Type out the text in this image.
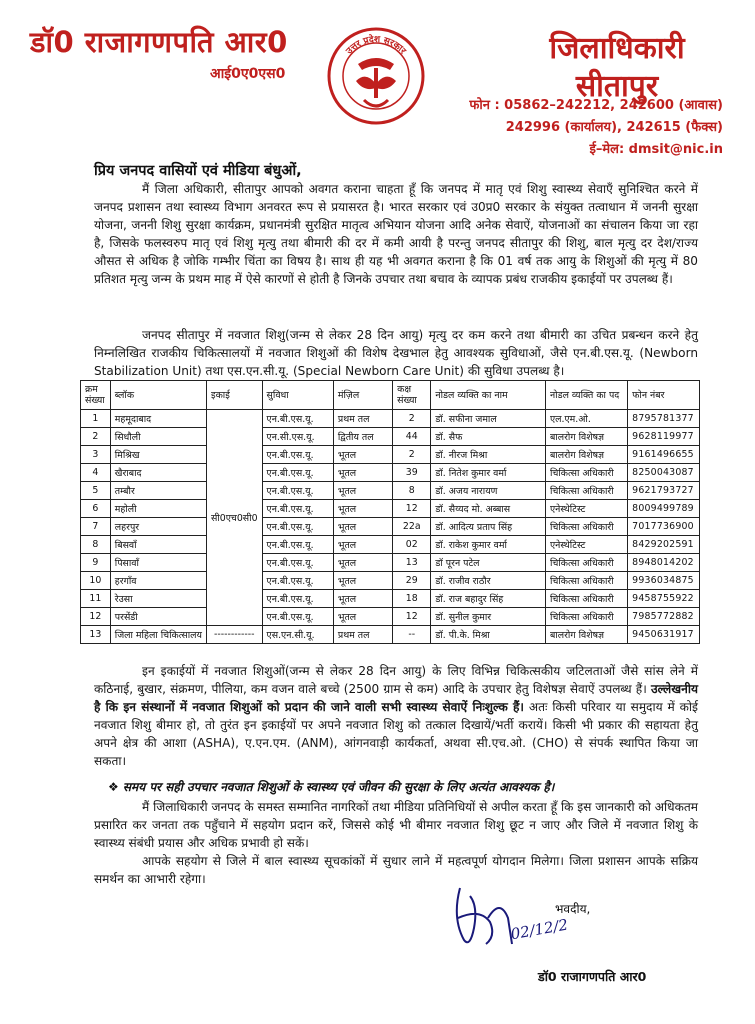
डॉ0 राजागणपति आर0
आई0ए0एस0
उत्तर प्रदेश सरकार	जिलाधिकारी
सीतापुर
फोन : 05862–242212, 242600 (आवास)
242996 (कार्यालय), 242615 (फैक्स)
ई–मेल: dmsit@nic.in
प्रिय जनपद वासियों एवं मीडिया बंधुओं,
मैं जिला अधिकारी, सीतापुर आपको अवगत कराना चाहता हूँ कि जनपद में मातृ एवं शिशु स्वास्थ्य सेवाएँ सुनिश्चित करने में जनपद प्रशासन तथा स्वास्थ्य विभाग अनवरत रूप से प्रयासरत है। भारत सरकार एवं उ0प्र0 सरकार के संयुक्त तत्वाधान में जननी सुरक्षा योजना, जननी शिशु सुरक्षा कार्यक्रम, प्रधानमंत्री सुरक्षित मातृत्व अभियान योजना आदि अनेक सेवाऐं, योजनाओं का संचालन किया जा रहा है, जिसके फलस्वरुप मातृ एवं शिशु मृत्यु तथा बीमारी की दर में कमी आयी है परन्तु जनपद सीतापुर की शिशु, बाल मृत्यु दर देश/राज्य औसत से अधिक है जोकि गम्भीर चिंता का विषय है। साथ ही यह भी अवगत कराना है कि 01 वर्ष तक आयु के शिशुओं की मृत्यु में 80 प्रतिशत मृत्यु जन्म के प्रथम माह में ऐसे कारणों से होती है जिनके उपचार तथा बचाव के व्यापक प्रबंध राजकीय इकाईयों पर उपलब्ध हैं।
जनपद सीतापुर में नवजात शिशु(जन्म से लेकर 28 दिन आयु) मृत्यु दर कम करने तथा बीमारी का उचित प्रबन्धन करने हेतु निम्नलिखित राजकीय चिकित्सालयों में नवजात शिशुओं की विशेष देखभाल हेतु आवश्यक सुविधाओं, जैसे एन.बी.एस.यू. (Newborn Stabilization Unit) तथा एस.एन.सी.यू. (Special Newborn Care Unit) की सुविधा उपलब्ध है।
क्रम संख्या	ब्लॉक	इकाई	सुविधा	मंज़िल	कक्ष संख्या	नोडल व्यक्ति का नाम	नोडल व्यक्ति का पद	फोन नंबर
1	महमूदाबाद	सी0एच0सी0	एन.बी.एस.यू.	प्रथम तल	2	डॉ. सफीना जमाल	एल.एम.ओ.	8795781377
2	सिधौली		एन.सी.एस.यू.	द्वितीय तल	44	डॉ. सैफ	बालरोग विशेषज्ञ	9628119977
3	मिश्रिख		एन.बी.एस.यू.	भूतल	2	डॉ. नीरज मिश्रा	बालरोग विशेषज्ञ	9161496655
4	खैराबाद		एन.बी.एस.यू.	भूतल	39	डॉ. नितेश कुमार वर्मा	चिकित्सा अधिकारी	8250043087
5	तम्बौर		एन.बी.एस.यू.	भूतल	8	डॉ. अजय नारायण	चिकित्सा अधिकारी	9621793727
6	महोली		एन.बी.एस.यू.	भूतल	12	डॉ. सैय्यद मो. अब्बास	एनेस्थेटिस्ट	8009499789
7	लहरपुर		एन.बी.एस.यू.	भूतल	22a	डॉ. आदित्य प्रताप सिंह	चिकित्सा अधिकारी	7017736900
8	बिसवाँ		एन.बी.एस.यू.	भूतल	02	डॉ. राकेश कुमार वर्मा	एनेस्थेटिस्ट	8429202591
9	पिसावाँ		एन.बी.एस.यू.	भूतल	13	डॉ पूरन पटेल	चिकित्सा अधिकारी	8948014202
10	हरगाँव		एन.बी.एस.यू.	भूतल	29	डॉ. राजीव राठौर	चिकित्सा अधिकारी	9936034875
11	रेउसा		एन.बी.एस.यू.	भूतल	18	डॉ. राज बहादुर सिंह	चिकित्सा अधिकारी	9458755922
12	परसेंडी		एन.बी.एस.यू.	भूतल	12	डॉ. सुनील कुमार	चिकित्सा अधिकारी	7985772882
13	जिला महिला चिकित्सालय	------------	एस.एन.सी.यू.	प्रथम तल	--	डॉ. पी.के. मिश्रा	बालरोग विशेषज्ञ	9450631917
इन इकाईयों में नवजात शिशुओं(जन्म से लेकर 28 दिन आयु) के लिए विभिन्न चिकित्सकीय जटिलताओं जैसे सांस लेने में कठिनाई, बुखार, संक्रमण, पीलिया, कम वजन वाले बच्चे (2500 ग्राम से कम) आदि के उपचार हेतु विशेषज्ञ सेवाऐं उपलब्ध हैं। उल्लेखनीय है कि इन संस्थानों में नवजात शिशुओं को प्रदान की जाने वाली सभी स्वास्थ्य सेवाऐं निःशुल्क हैं। अतः किसी परिवार या समुदाय में कोई नवजात शिशु बीमार हो, तो तुरंत इन इकाईयों पर अपने नवजात शिशु को तत्काल दिखायें/भर्ती करायें। किसी भी प्रकार की सहायता हेतु अपने क्षेत्र की आशा (ASHA), ए.एन.एम. (ANM), आंगनवाड़ी कार्यकर्ता, अथवा सी.एच.ओ. (CHO) से संपर्क स्थापित किया जा सकता।
❖ समय पर सही उपचार नवजात शिशुओं के स्वास्थ्य एवं जीवन की सुरक्षा के लिए अत्यंत आवश्यक है।
मैं जिलाधिकारी जनपद के समस्त सम्मानित नागरिकों तथा मीडिया प्रतिनिधियों से अपील करता हूँ कि इस जानकारी को अधिकतम प्रसारित कर जनता तक पहुँचाने में सहयोग प्रदान करें, जिससे कोई भी बीमार नवजात शिशु छूट न जाए और जिले में नवजात शिशु के स्वास्थ्य संबंधी प्रयास और अधिक प्रभावी हो सकें।
आपके सहयोग से जिले में बाल स्वास्थ्य सूचकांकों में सुधार लाने में महत्वपूर्ण योगदान मिलेगा। जिला प्रशासन आपके सक्रिय समर्थन का आभारी रहेगा।
02/12/2
भवदीय,
डॉ0 राजागणपति आर0
